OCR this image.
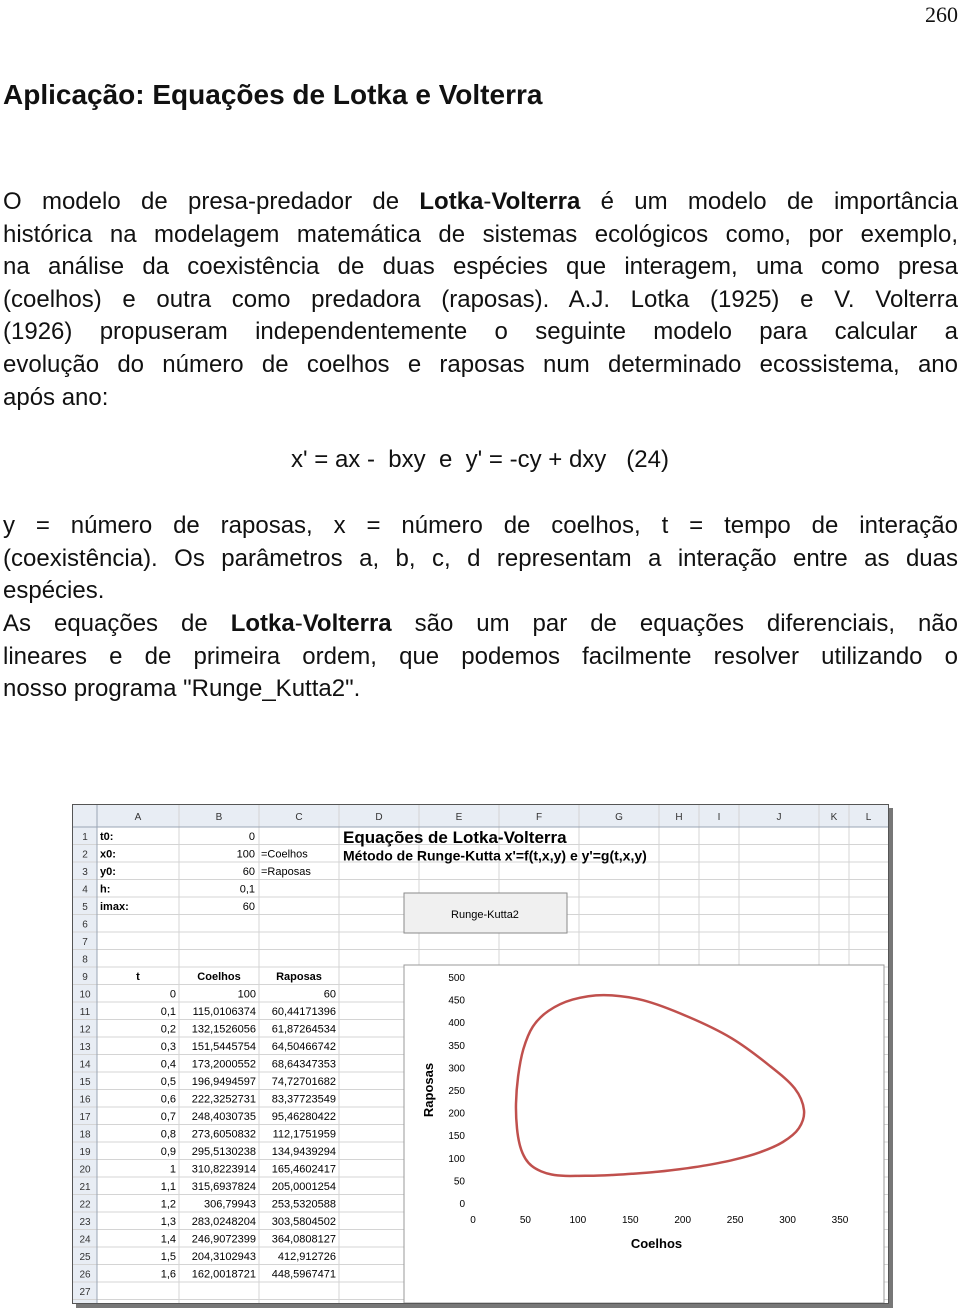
260
Aplicação: Equações de Lotka e Volterra
O modelo de presa-predador de Lotka-Volterra é um modelo de importância
histórica na modelagem matemática de sistemas ecológicos como, por exemplo,
na análise da coexistência de duas espécies que interagem, uma como presa
(coelhos) e outra como predadora (raposas). A.J. Lotka (1925) e V. Volterra
(1926) propuseram independentemente o seguinte modelo para calcular a
evolução do número de coelhos e raposas num determinado ecossistema, ano
após ano:
x' = ax -  bxy  e  y' = -cy + dxy   (24)
y = número de raposas, x = número de coelhos, t = tempo de interação
(coexistência). Os parâmetros a, b, c, d representam a interação entre as duas
espécies.
As equações de Lotka-Volterra são um par de equações diferenciais, não
lineares e de primeira ordem, que podemos facilmente resolver utilizando o
nosso programa "Runge_Kutta2".
A	B	C	D	E	F	G	H	I	J	K	L
1
2
3
4
5
6
7
8
9
10
11
12
13
14
15
16
17
18
19
20
21
22
23
24
25
26
27
t0:	0
x0:	100 =Coelhos
y0:	60 =Raposas
h:	0,1
imax:	60
Equações de Lotka-Volterra
Método de Runge-Kutta x'=f(t,x,y) e y'=g(t,x,y)
Runge-Kutta2
t	Coelhos	Raposas
0	100	60
0,1 115,0106374 60,44171396
0,2 132,1526056 61,87264534
0,3 151,5445754 64,50466742
0,4 173,2000552 68,64347353
0,5 196,9494597 74,72701682
0,6 222,3252731 83,37723549
0,7 248,4030735 95,46280422
0,8 273,6050832 112,1751959
0,9 295,5130238 134,9439294
1 310,8223914 165,4602417
1,1 315,6937824 205,0001254
1,2	306,79943 253,5320588
1,3 283,0248204 303,5804502
1,4 246,9072399 364,0808127
1,5 204,3102943 412,912726
1,6 162,0018721 448,5967471
0
50
100
150
200
250
300
350
400
450
500
0	50	100	150	200	250	300	350
Coelhos
Raposas
